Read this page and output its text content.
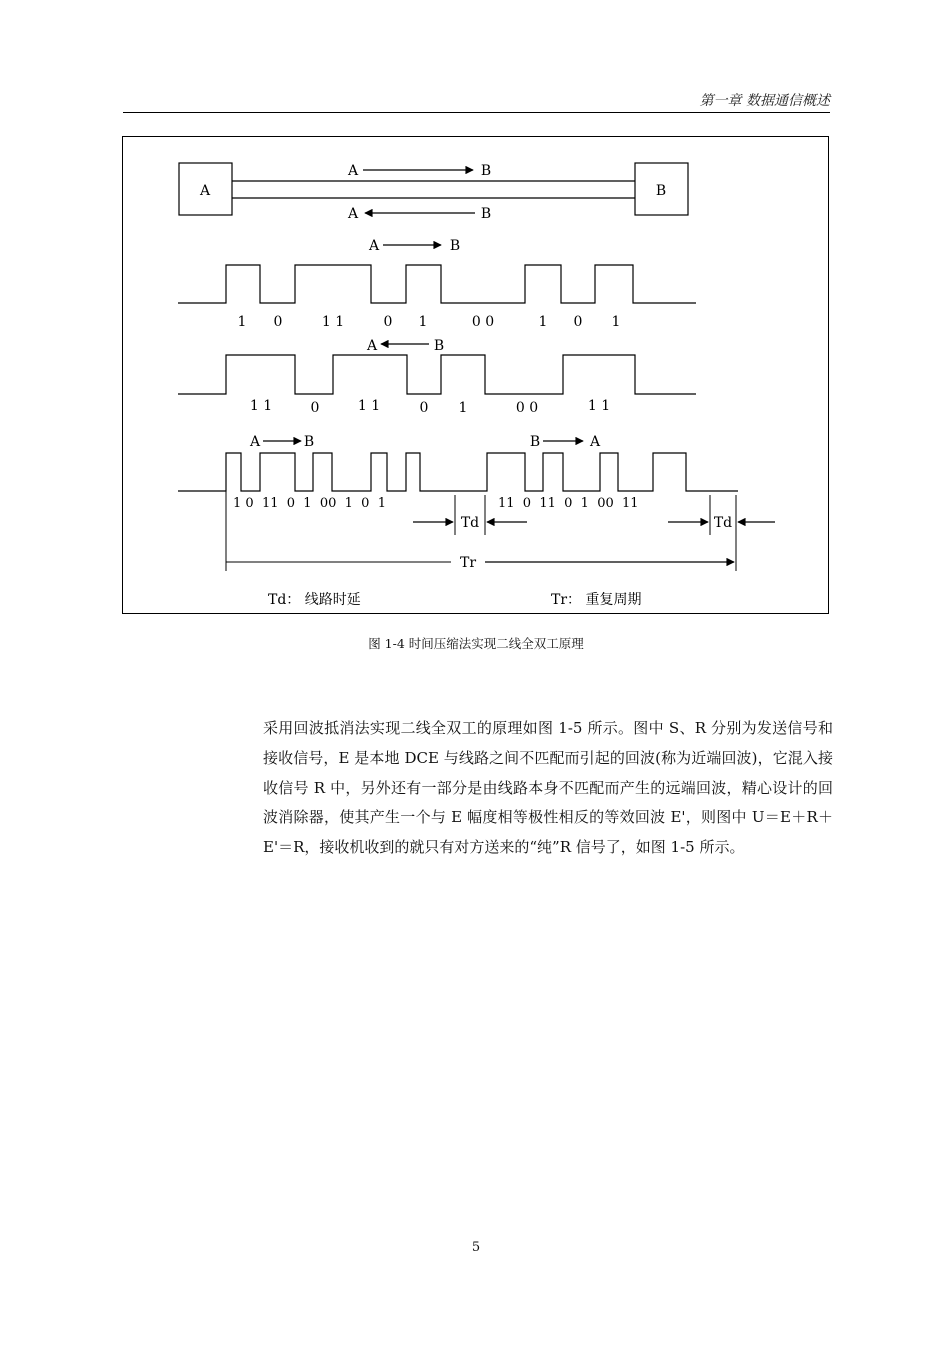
第一章 数据通信概述
A	B
A	B
A	B
A	B
A	B
A	B	B	A
1 0	1 1	0 1	0 0	1 0 1
1 1	0	1 1	0 1	0 0	1 1
1 0  11  0  1  00  1  0  1	11  0  11  0  1  00  11
Td	Td
Tr
Td： 线路时延	Tr： 重复周期
图 1-4 时间压缩法实现二线全双工原理

采用回波抵消法实现二线全双工的原理如图 1-5 所示。图中 S、R 分别为发送信号和接收信号，E 是本地 DCE 与线路之间不匹配而引起的回波(称为近端回波)，它混入接收信号 R 中，另外还有一部分是由线路本身不匹配而产生的远端回波，精心设计的回波消除器，使其产生一个与 E 幅度相等极性相反的等效回波 E'，则图中 U＝E＋R＋E'＝R，接收机收到的就只有对方送来的“纯”R 信号了，如图 1-5 所示。

5
